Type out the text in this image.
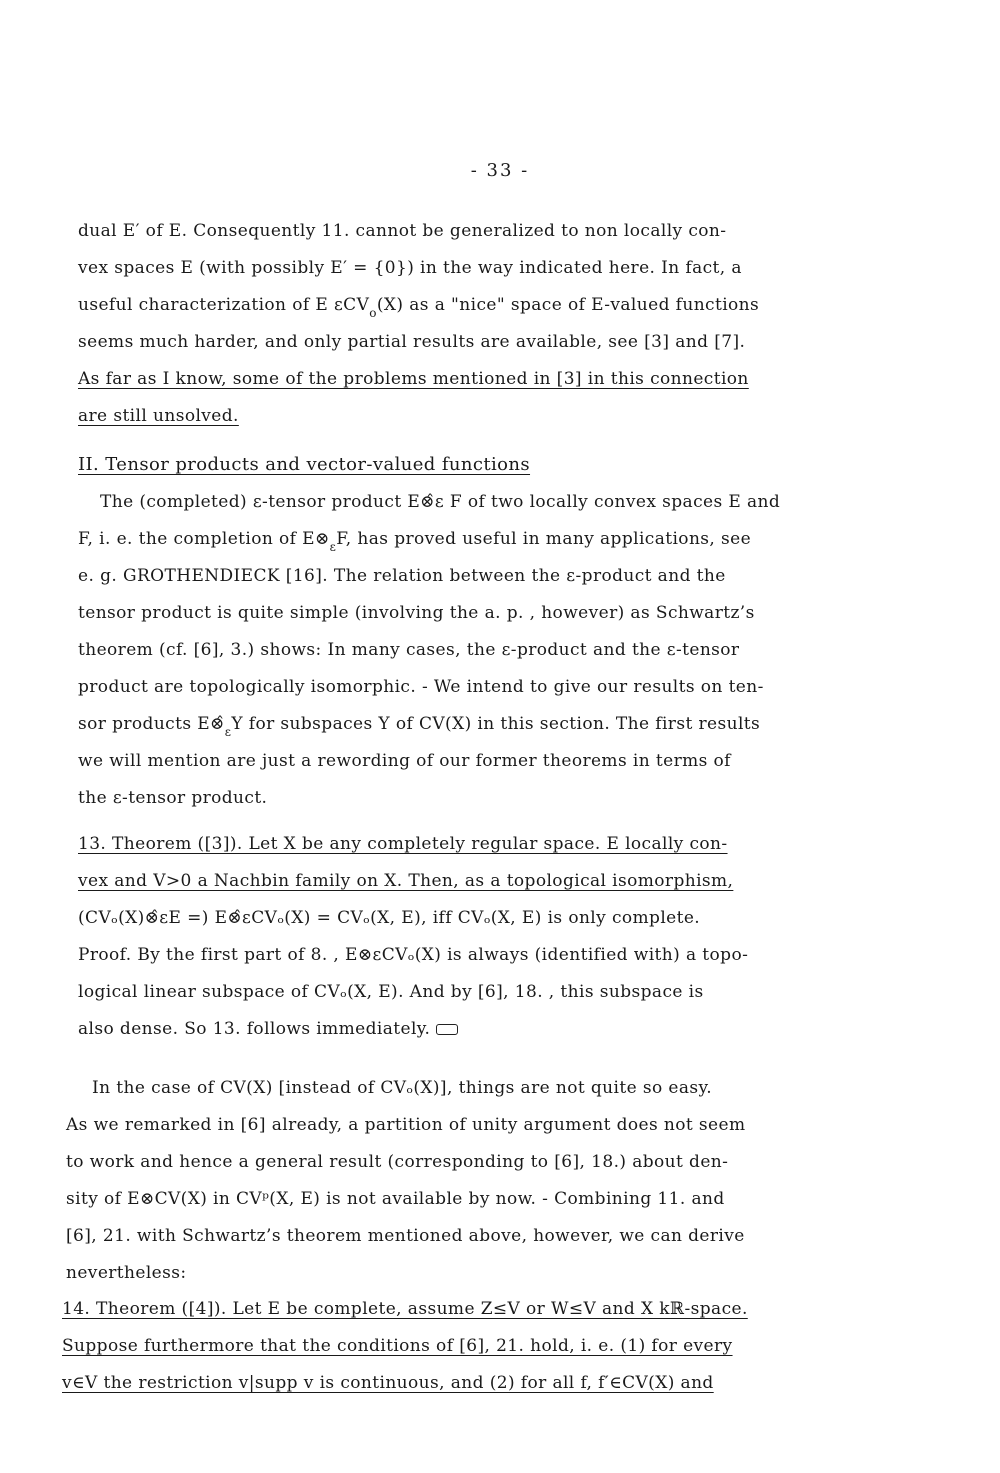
- 33 -
dual E′ of E. Consequently 11. cannot be generalized to non locally con-
vex spaces E (with possibly E′ = {0}) in the way indicated here. In fact, a
useful characterization of E εCV$_o$(X) as a "nice" space of E-valued functions
seems much harder, and only partial results are available, see [3] and [7].
As far as I know, some of the problems mentioned in [3] in this connection
are still unsolved.
II. Tensor products and vector-valued functions
The (completed) ε-tensor product E⊗̂ε F of two locally convex spaces E and
F, i. e. the completion of $E\otimes_\varepsilon F$, has proved useful in many applications, see
e. g. GROTHENDIECK [16]. The relation between the ε-product and the
tensor product is quite simple (involving the a. p. , however) as Schwartz’s
theorem (cf. [6], 3.) shows: In many cases, the ε-product and the ε-tensor
product are topologically isomorphic. - We intend to give our results on ten-
sor products $E\otimeŝ_\varepsilon Y$ for subspaces Y of CV(X) in this section. The first results
we will mention are just a rewording of our former theorems in terms of
the ε-tensor product.
13. Theorem ([3]). Let X be any completely regular space. E locally con-
vex and V>0 a Nachbin family on X. Then, as a topological isomorphism,
(CVₒ(X)⊗̂εE =) E⊗̂εCVₒ(X) = CVₒ(X, E), iff CVₒ(X, E) is only complete.
Proof. By the first part of 8. , E⊗εCVₒ(X) is always (identified with) a topo-
logical linear subspace of CVₒ(X, E). And by [6], 18. , this subspace is
also dense. So 13. follows immediately.
In the case of CV(X) [instead of CVₒ(X)], things are not quite so easy.
As we remarked in [6] already, a partition of unity argument does not seem
to work and hence a general result (corresponding to [6], 18.) about den-
sity of E⊗CV(X) in CVᵖ(X, E) is not available by now. - Combining 11. and
[6], 21. with Schwartz’s theorem mentioned above, however, we can derive
nevertheless:
14. Theorem ([4]). Let E be complete, assume Z≤V or W≤V and X kℝ-space.
Suppose furthermore that the conditions of [6], 21. hold, i. e. (1) for every
v∈V the restriction v|supp v is continuous, and (2) for all f, f′∈CV(X) and
